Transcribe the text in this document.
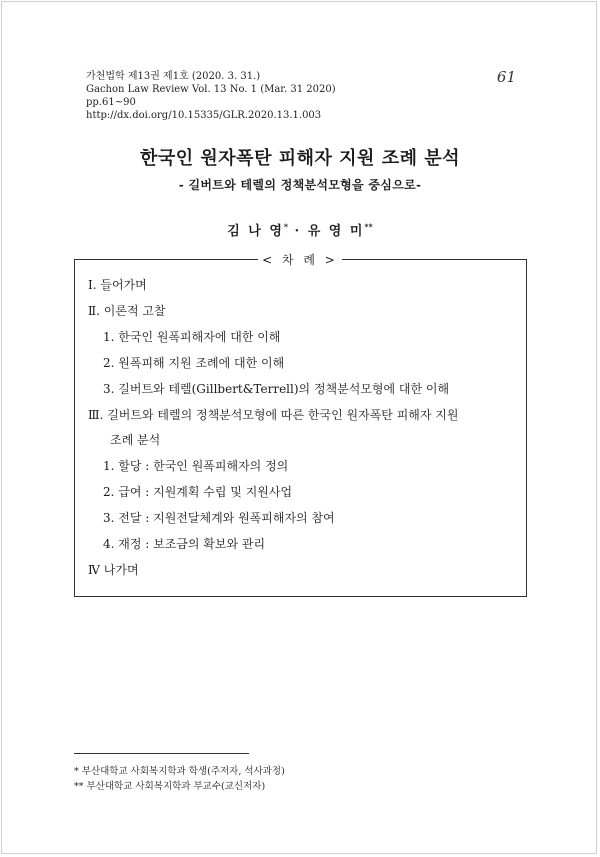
가천법학 제13권 제1호 (2020. 3. 31.)
Gachon Law Review Vol. 13 No. 1 (Mar. 31 2020)
pp.61~90
http://dx.doi.org/10.15335/GLR.2020.13.1.003
61
한국인 원자폭탄 피해자 지원 조례 분석
- 길버트와 테렐의 정책분석모형을 중심으로-
김 나 영* · 유 영 미**
< 차 례 >
Ⅰ. 들어가며
Ⅱ. 이론적 고찰
1. 한국인 원폭피해자에 대한 이해
2. 원폭피해 지원 조례에 대한 이해
3. 길버트와 테렐(Gillbert&Terrell)의 정책분석모형에 대한 이해
Ⅲ. 길버트와 테렐의 정책분석모형에 따른 한국인 원자폭탄 피해자 지원
조례 분석
1. 할당 : 한국인 원폭피해자의 정의
2. 급여 : 지원계획 수립 및 지원사업
3. 전달 : 지원전달체계와 원폭피해자의 참여
4. 재정 : 보조금의 확보와 관리
Ⅳ 나가며
* 부산대학교 사회복지학과 학생(주저자, 석사과정)
** 부산대학교 사회복지학과 부교수(교신저자)
